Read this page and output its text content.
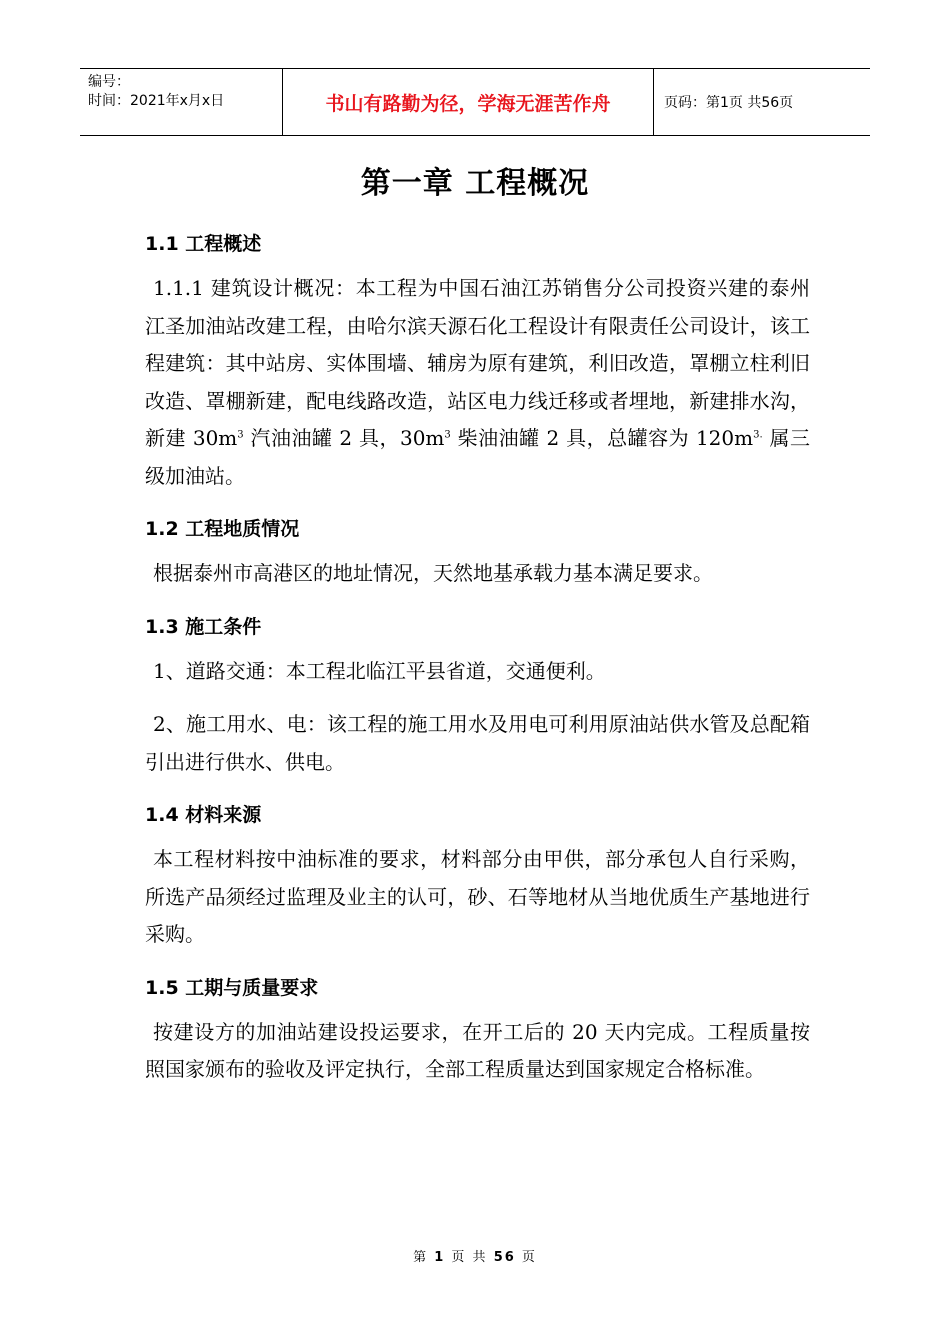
编号：
时间：2021年x月x日	书山有路勤为径，学海无涯苦作舟	页码：第1页 共56页
第一章 工程概况
1.1 工程概述

1.1.1 建筑设计概况：本工程为中国石油江苏销售分公司投资兴建的泰州江圣加油站改建工程，由哈尔滨天源石化工程设计有限责任公司设计，该工程建筑：其中站房、实体围墙、辅房为原有建筑，利旧改造，罩棚立柱利旧改造、罩棚新建，配电线路改造，站区电力线迁移或者埋地，新建排水沟，新建 $30m^3$ 汽油油罐 2 具，$30m^3$ 柴油油罐 2 具，总罐容为 $120m^{3.}$ 属三级加油站。

1.2 工程地质情况

根据泰州市高港区的地址情况，天然地基承载力基本满足要求。

1.3 施工条件

1、道路交通：本工程北临江平县省道，交通便利。

2、施工用水、电：该工程的施工用水及用电可利用原油站供水管及总配箱引出进行供水、供电。

1.4 材料来源

本工程材料按中油标准的要求，材料部分由甲供，部分承包人自行采购，所选产品须经过监理及业主的认可，砂、石等地材从当地优质生产基地进行采购。

1.5 工期与质量要求

按建设方的加油站建设投运要求，在开工后的 20 天内完成。工程质量按照国家颁布的验收及评定执行，全部工程质量达到国家规定合格标准。

第 1 页 共 56 页
